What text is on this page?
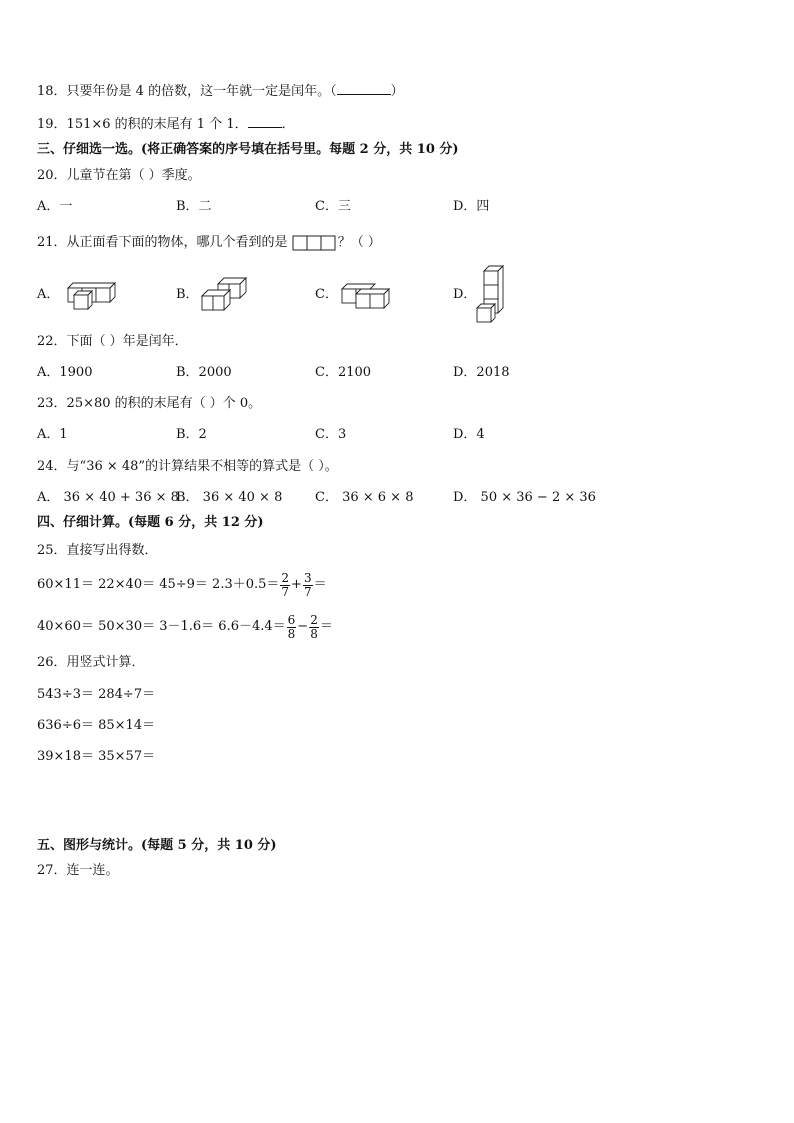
18．只要年份是 4 的倍数，这一年就一定是闰年。（	）
19．151×6 的积的末尾有 1 个 1．	．
三、仔细选一选。(将正确答案的序号填在括号里。每题 2 分，共 10 分)
20．儿童节在第（ ）季度。
A．一	B．二	C．三	D．四
21．从正面看下面的物体，哪几个看到的是	？（ ）
A．	B．	C．	D．
22．下面（ ）年是闰年．
A．1900	B．2000	C．2100	D．2018
23．25×80 的积的末尾有（ ）个 0。
A．1	B．2	C．3	D．4
24．与“36 × 48”的计算结果不相等的算式是（ ）。
A． 36 × 40 + 36 × 8
B． 36 × 40 × 8	C． 36 × 6 × 8	D． 50 × 36 − 2 × 36
四、仔细计算。(每题 6 分，共 12 分)
25．直接写出得数．
$60\times 11= 22\times 40= 45\div 9= 2.3+0.5= \frac{2}{7} + \frac{3}{7}$ ＝
$40\times 60= 50\times 30= 3-1.6= 6.6-4.4= \frac{6}{8} - \frac{2}{8}$ ＝
26．用竖式计算．
543÷3＝ 284÷7＝
636÷6＝ 85×14＝
39×18＝ 35×57＝
五、图形与统计。(每题 5 分，共 10 分)
27．连一连。
